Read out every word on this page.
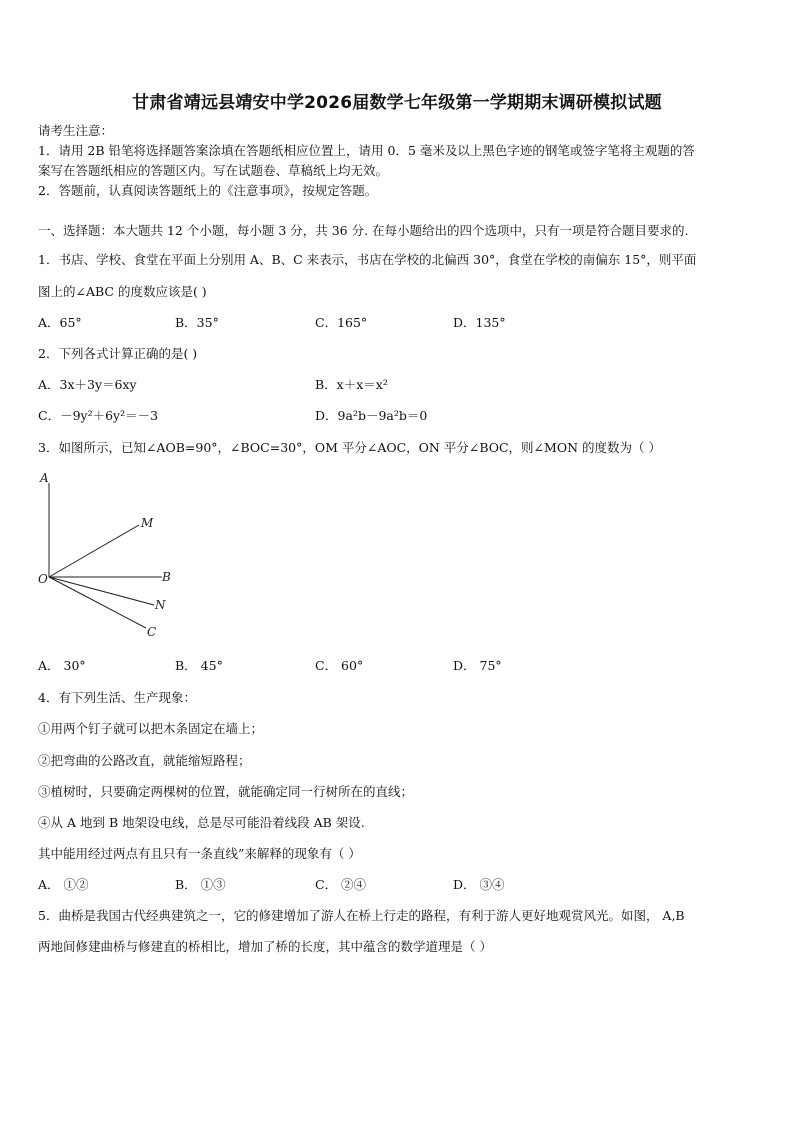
甘肃省靖远县靖安中学2026届数学七年级第一学期期末调研模拟试题
请考生注意：
1．请用 2B 铅笔将选择题答案涂填在答题纸相应位置上，请用 0．5 毫米及以上黑色字迹的钢笔或签字笔将主观题的答
案写在答题纸相应的答题区内。写在试题卷、草稿纸上均无效。
2．答题前，认真阅读答题纸上的《注意事项》，按规定答题。
一、选择题：本大题共 12 个小题，每小题 3 分，共 36 分. 在每小题给出的四个选项中，只有一项是符合题目要求的.
1．书店、学校、食堂在平面上分别用 A、B、C 来表示，书店在学校的北偏西 30°，食堂在学校的南偏东 15°，则平面
图上的∠ABC 的度数应该是( )
A．65°	B．35°	C．165°	D．135°
2．下列各式计算正确的是( )
A．3x＋3y＝6xy	B．x＋x＝x²
C．－9y²＋6y²＝－3	D．9a²b－9a²b＝0
3．如图所示，已知∠AOB=90°，∠BOC=30°，OM 平分∠AOC，ON 平分∠BOC，则∠MON 的度数为（ ）
A
M
O	B
N
C
A． 30°	B． 45°	C． 60°	D． 75°
4．有下列生活、生产现象：
①用两个钉子就可以把木条固定在墙上；
②把弯曲的公路改直，就能缩短路程；
③植树时，只要确定两棵树的位置，就能确定同一行树所在的直线；
④从 A 地到 B 地架设电线，总是尽可能沿着线段 AB 架设.
其中能用经过两点有且只有一条直线”来解释的现象有（ ）
A． ①②	B． ①③	C． ②④	D． ③④
5．曲桥是我国古代经典建筑之一，它的修建增加了游人在桥上行走的路程，有利于游人更好地观赏风光。如图， A,B
两地间修建曲桥与修建直的桥相比，增加了桥的长度，其中蕴含的数学道理是（ ）
